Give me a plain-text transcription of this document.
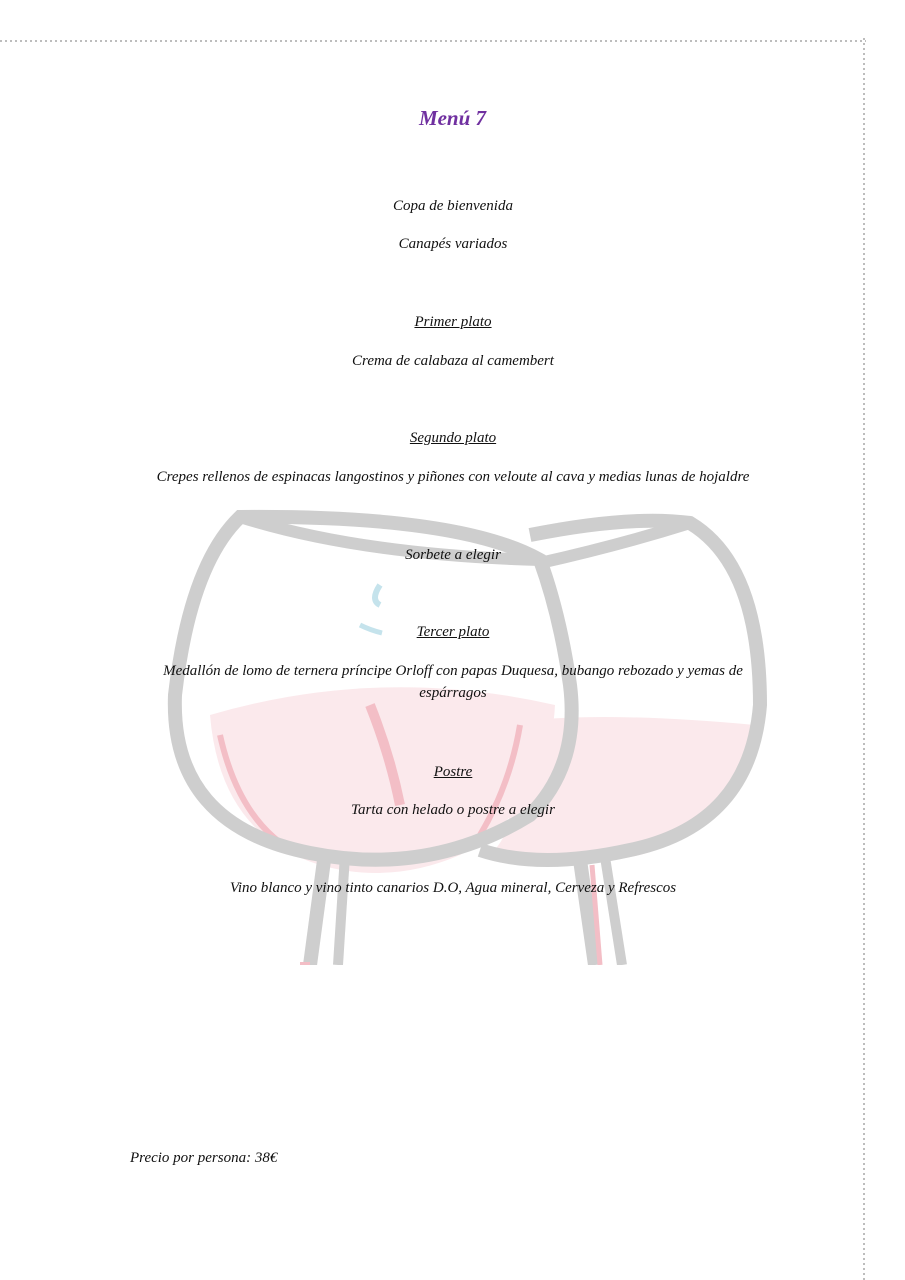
Menú 7
Copa de bienvenida
Canapés variados
Primer plato
Crema de calabaza al camembert
Segundo plato
Crepes rellenos de espinacas langostinos y piñones con veloute al cava y medias lunas de hojaldre
Sorbete a elegir
Tercer plato
Medallón de lomo de ternera príncipe Orloff con papas Duquesa, bubango rebozado y yemas de espárragos
Postre
Tarta con helado o postre a elegir
Vino blanco y vino tinto canarios D.O, Agua mineral, Cerveza y Refrescos
Precio por persona: 38€
